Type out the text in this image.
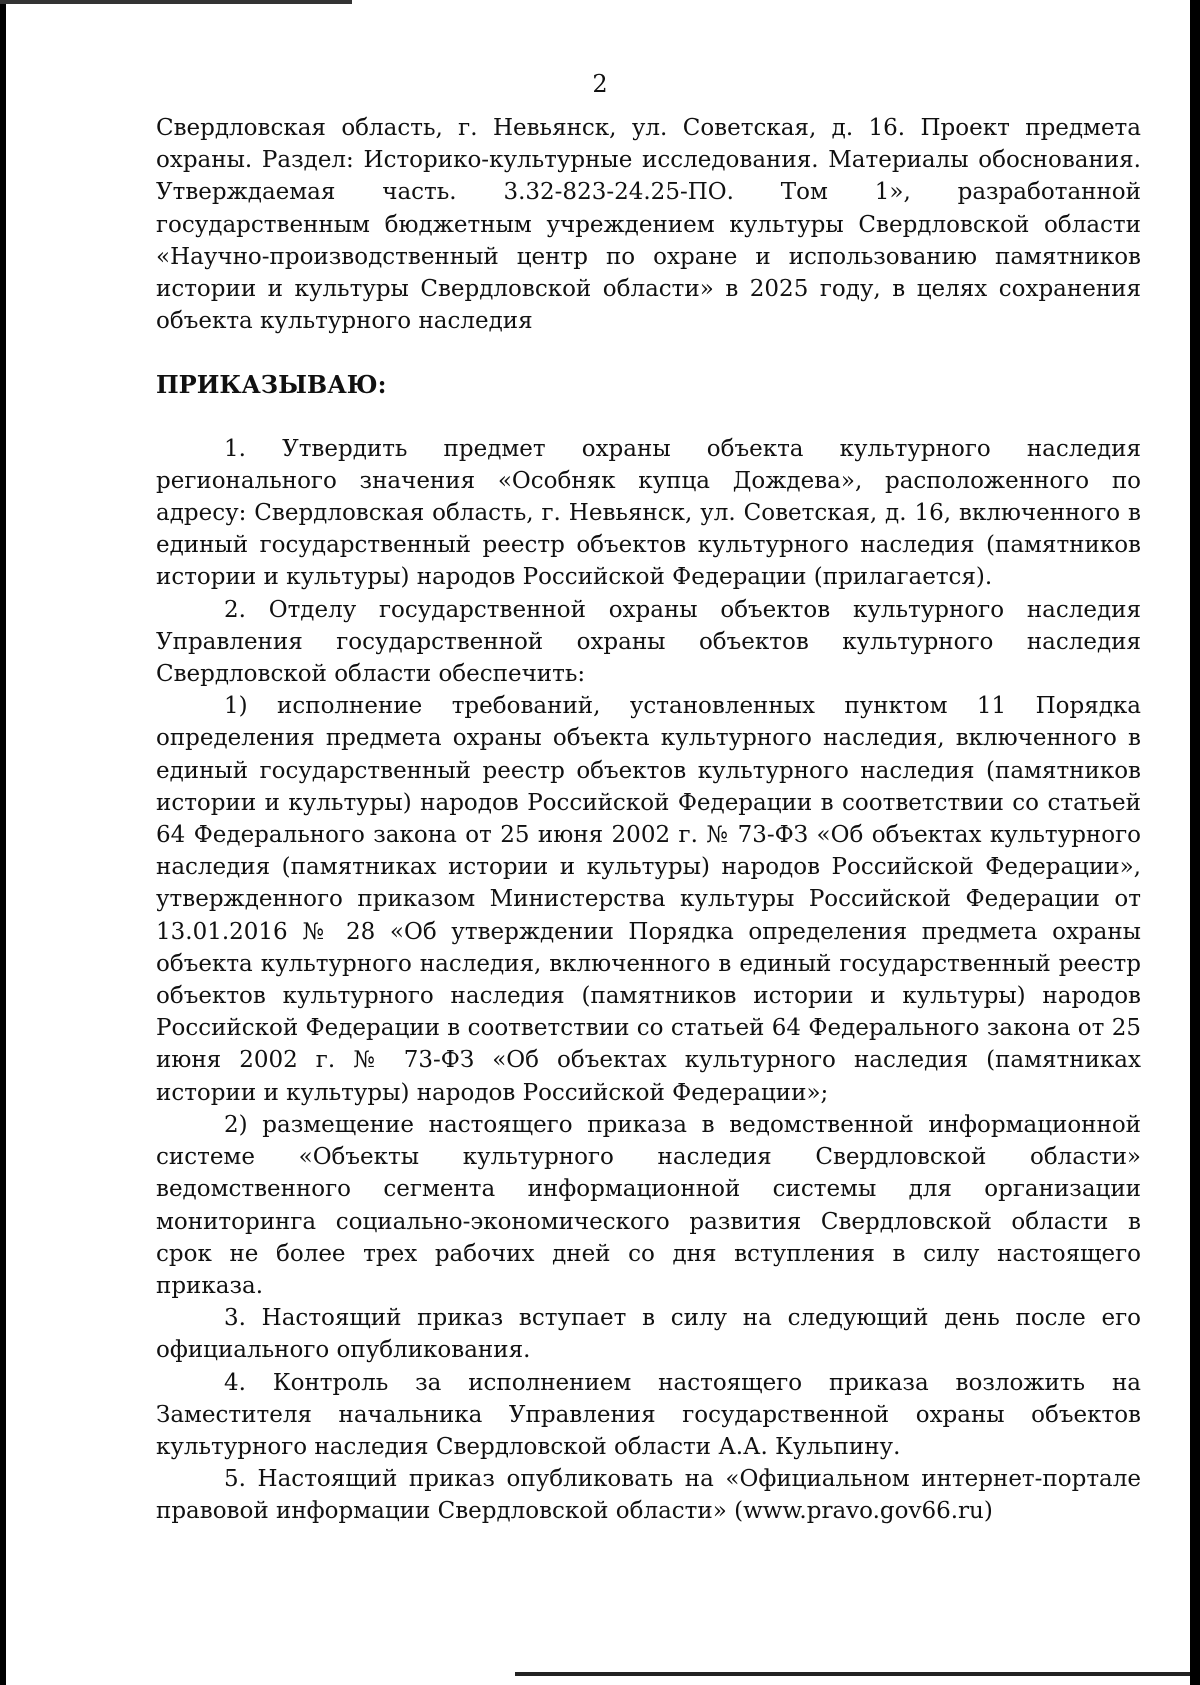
2

Свердловская область, г. Невьянск, ул. Советская, д. 16. Проект предмета охраны. Раздел: Историко-культурные исследования. Материалы обоснования. Утверждаемая часть. 3.32-823-24.25-ПО. Том 1», разработанной государственным бюджетным учреждением культуры Свердловской области «Научно-производственный центр по охране и использованию памятников истории и культуры Свердловской области» в 2025 году, в целях сохранения объекта культурного наследия

ПРИКАЗЫВАЮ:

1. Утвердить предмет охраны объекта культурного наследия регионального значения «Особняк купца Дождева», расположенного по адресу: Свердловская область, г. Невьянск, ул. Советская, д. 16, включенного в единый государственный реестр объектов культурного наследия (памятников истории и культуры) народов Российской Федерации (прилагается).

2. Отделу государственной охраны объектов культурного наследия Управления государственной охраны объектов культурного наследия Свердловской области обеспечить:

1) исполнение требований, установленных пунктом 11 Порядка определения предмета охраны объекта культурного наследия, включенного в единый государственный реестр объектов культурного наследия (памятников истории и культуры) народов Российской Федерации в соответствии со статьей 64 Федерального закона от 25 июня 2002 г. № 73-ФЗ «Об объектах культурного наследия (памятниках истории и культуры) народов Российской Федерации», утвержденного приказом Министерства культуры Российской Федерации от 13.01.2016 № 28 «Об утверждении Порядка определения предмета охраны объекта культурного наследия, включенного в единый государственный реестр объектов культурного наследия (памятников истории и культуры) народов Российской Федерации в соответствии со статьей 64 Федерального закона от 25 июня 2002 г. № 73-ФЗ «Об объектах культурного наследия (памятниках истории и культуры) народов Российской Федерации»;

2) размещение настоящего приказа в ведомственной информационной системе «Объекты культурного наследия Свердловской области» ведомственного сегмента информационной системы для организации мониторинга социально-экономического развития Свердловской области в срок не более трех рабочих дней со дня вступления в силу настоящего приказа.

3. Настоящий приказ вступает в силу на следующий день после его официального опубликования.

4. Контроль за исполнением настоящего приказа возложить на Заместителя начальника Управления государственной охраны объектов культурного наследия Свердловской области А.А. Кульпину.

5. Настоящий приказ опубликовать на «Официальном интернет-портале правовой информации Свердловской области» (www.pravo.gov66.ru)
